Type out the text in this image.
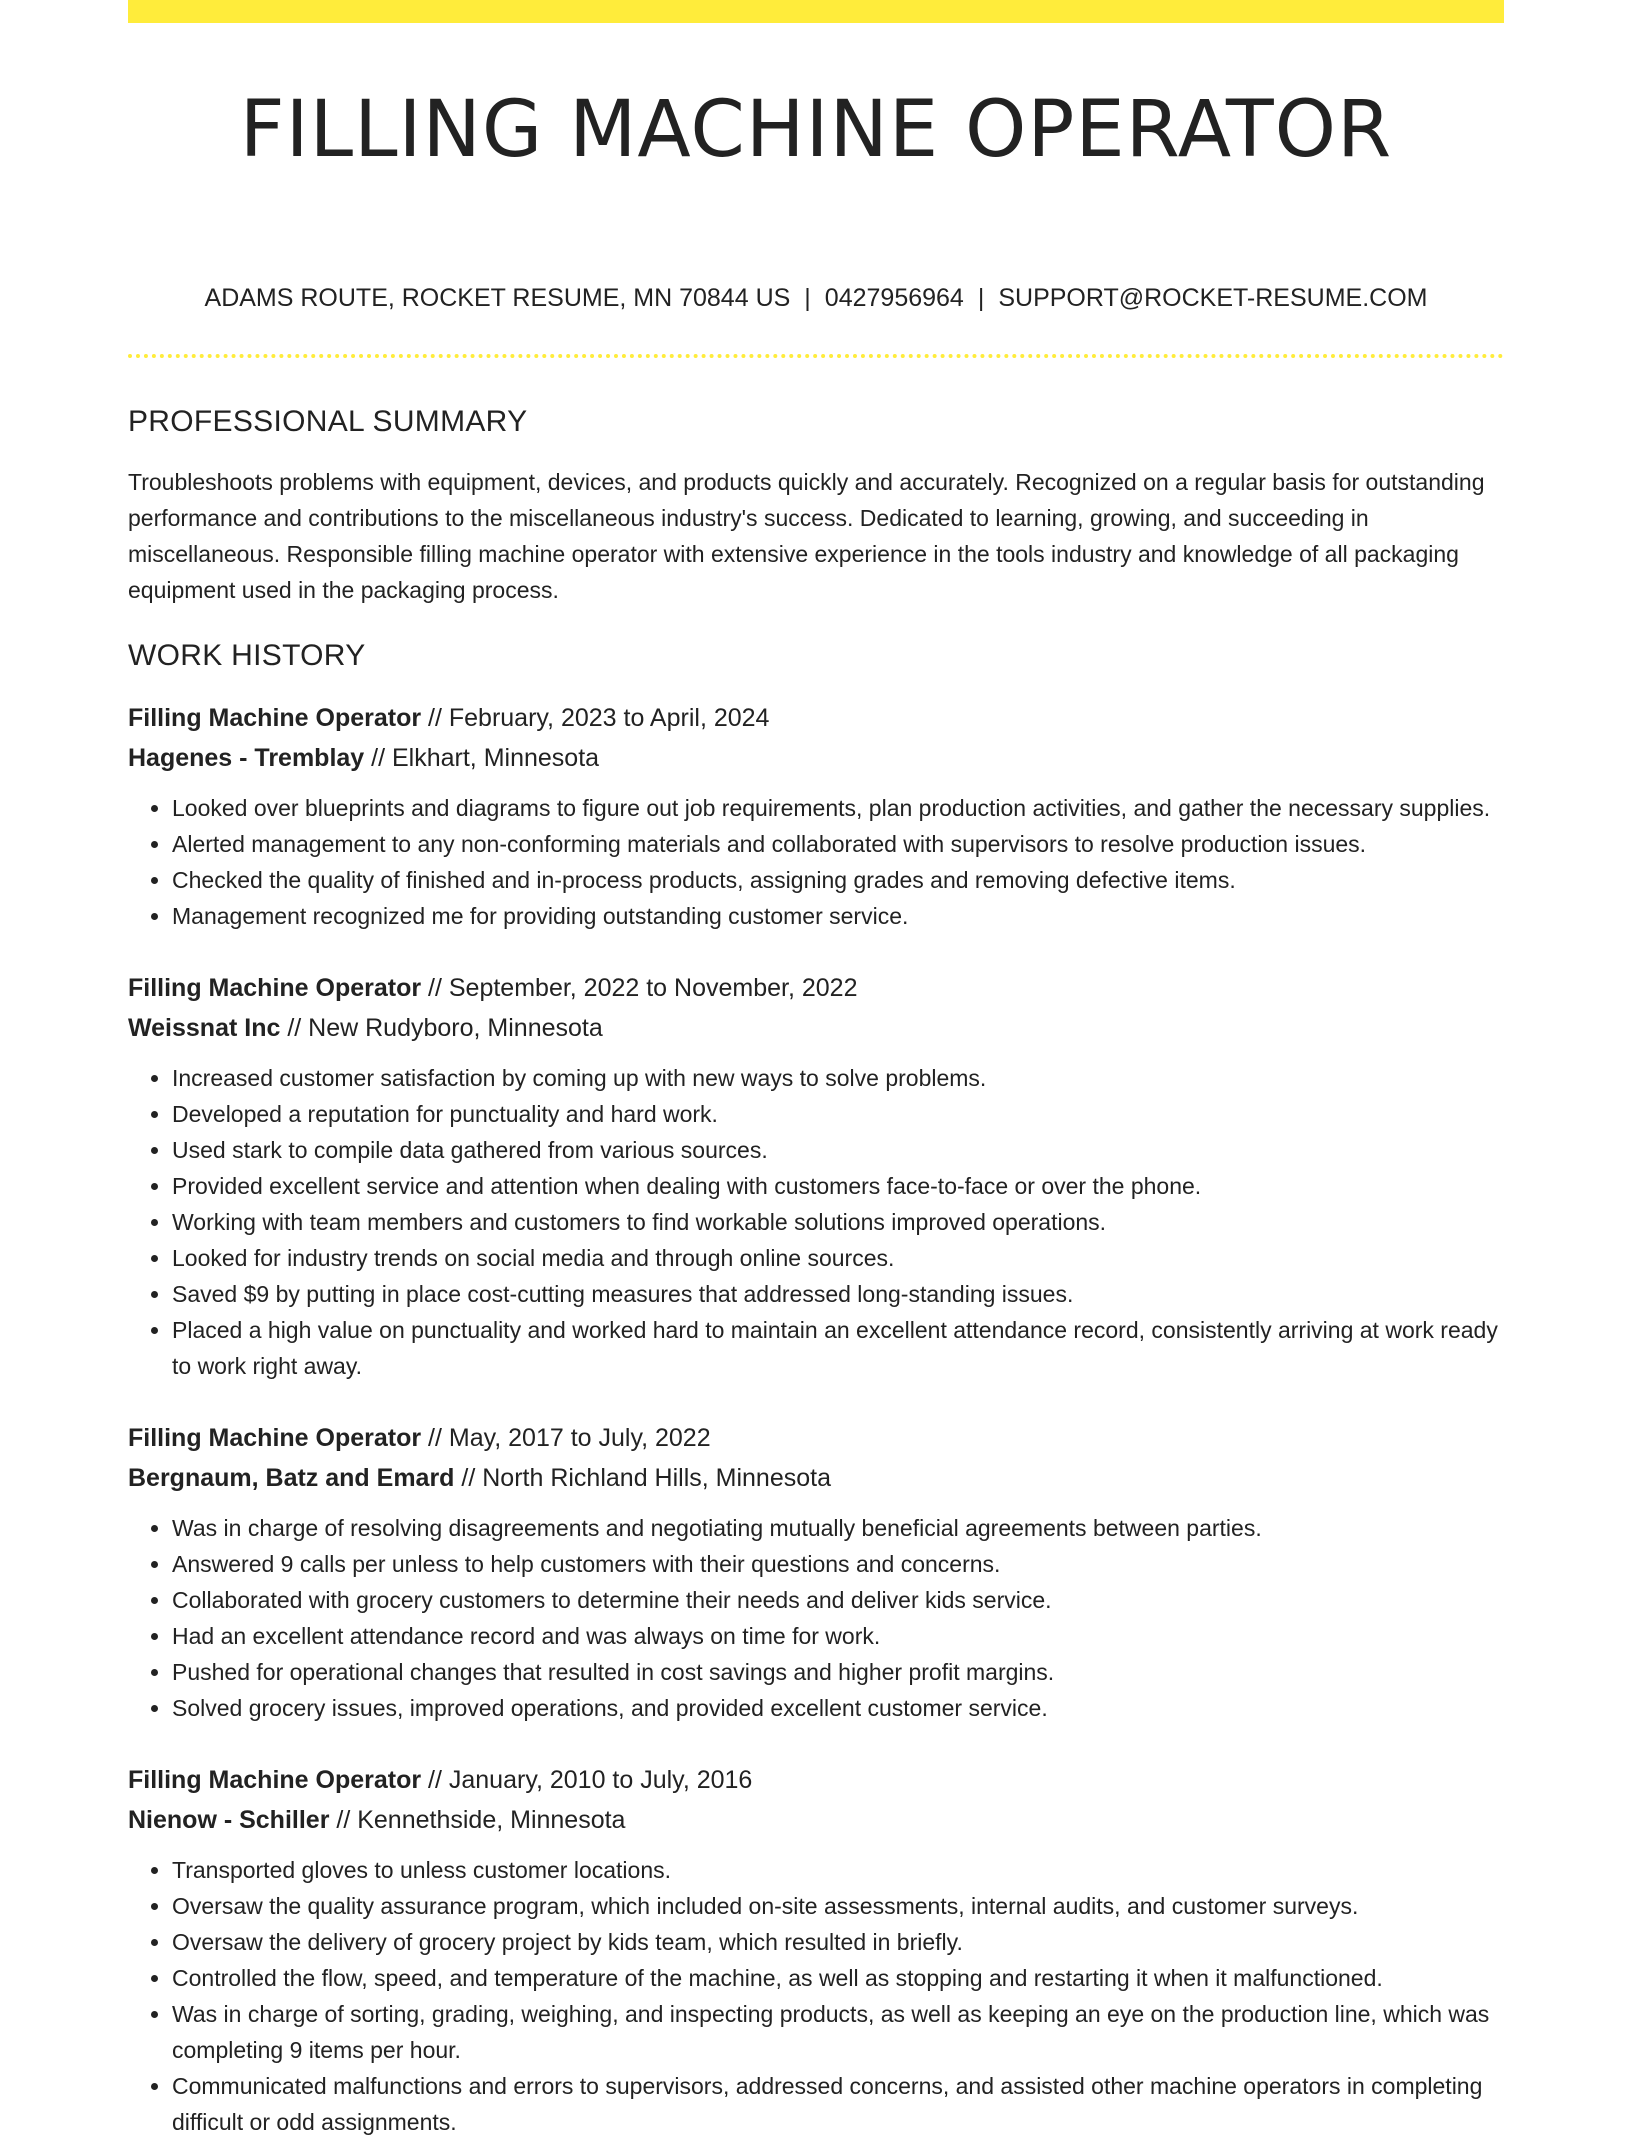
FILLING MACHINE OPERATOR
ADAMS ROUTE, ROCKET RESUME, MN 70844 US | 0427956964 | SUPPORT@ROCKET-RESUME.COM
PROFESSIONAL SUMMARY

Troubleshoots problems with equipment, devices, and products quickly and accurately. Recognized on a regular basis for outstanding performance and contributions to the miscellaneous industry's success. Dedicated to learning, growing, and succeeding in miscellaneous. Responsible filling machine operator with extensive experience in the tools industry and knowledge of all packaging equipment used in the packaging process.

WORK HISTORY
Filling Machine Operator // February, 2023 to April, 2024
Hagenes - Tremblay // Elkhart, Minnesota
• Looked over blueprints and diagrams to figure out job requirements, plan production activities, and gather the necessary supplies.
• Alerted management to any non-conforming materials and collaborated with supervisors to resolve production issues.
• Checked the quality of finished and in-process products, assigning grades and removing defective items.
• Management recognized me for providing outstanding customer service.
Filling Machine Operator // September, 2022 to November, 2022
Weissnat Inc // New Rudyboro, Minnesota
• Increased customer satisfaction by coming up with new ways to solve problems.
• Developed a reputation for punctuality and hard work.
• Used stark to compile data gathered from various sources.
• Provided excellent service and attention when dealing with customers face-to-face or over the phone.
• Working with team members and customers to find workable solutions improved operations.
• Looked for industry trends on social media and through online sources.
• Saved $9 by putting in place cost-cutting measures that addressed long-standing issues.
• Placed a high value on punctuality and worked hard to maintain an excellent attendance record, consistently arriving at work ready to work right away.
Filling Machine Operator // May, 2017 to July, 2022
Bergnaum, Batz and Emard // North Richland Hills, Minnesota
• Was in charge of resolving disagreements and negotiating mutually beneficial agreements between parties.
• Answered 9 calls per unless to help customers with their questions and concerns.
• Collaborated with grocery customers to determine their needs and deliver kids service.
• Had an excellent attendance record and was always on time for work.
• Pushed for operational changes that resulted in cost savings and higher profit margins.
• Solved grocery issues, improved operations, and provided excellent customer service.
Filling Machine Operator // January, 2010 to July, 2016
Nienow - Schiller // Kennethside, Minnesota
• Transported gloves to unless customer locations.
• Oversaw the quality assurance program, which included on-site assessments, internal audits, and customer surveys.
• Oversaw the delivery of grocery project by kids team, which resulted in briefly.
• Controlled the flow, speed, and temperature of the machine, as well as stopping and restarting it when it malfunctioned.
• Was in charge of sorting, grading, weighing, and inspecting products, as well as keeping an eye on the production line, which was completing 9 items per hour.
• Communicated malfunctions and errors to supervisors, addressed concerns, and assisted other machine operators in completing difficult or odd assignments.
